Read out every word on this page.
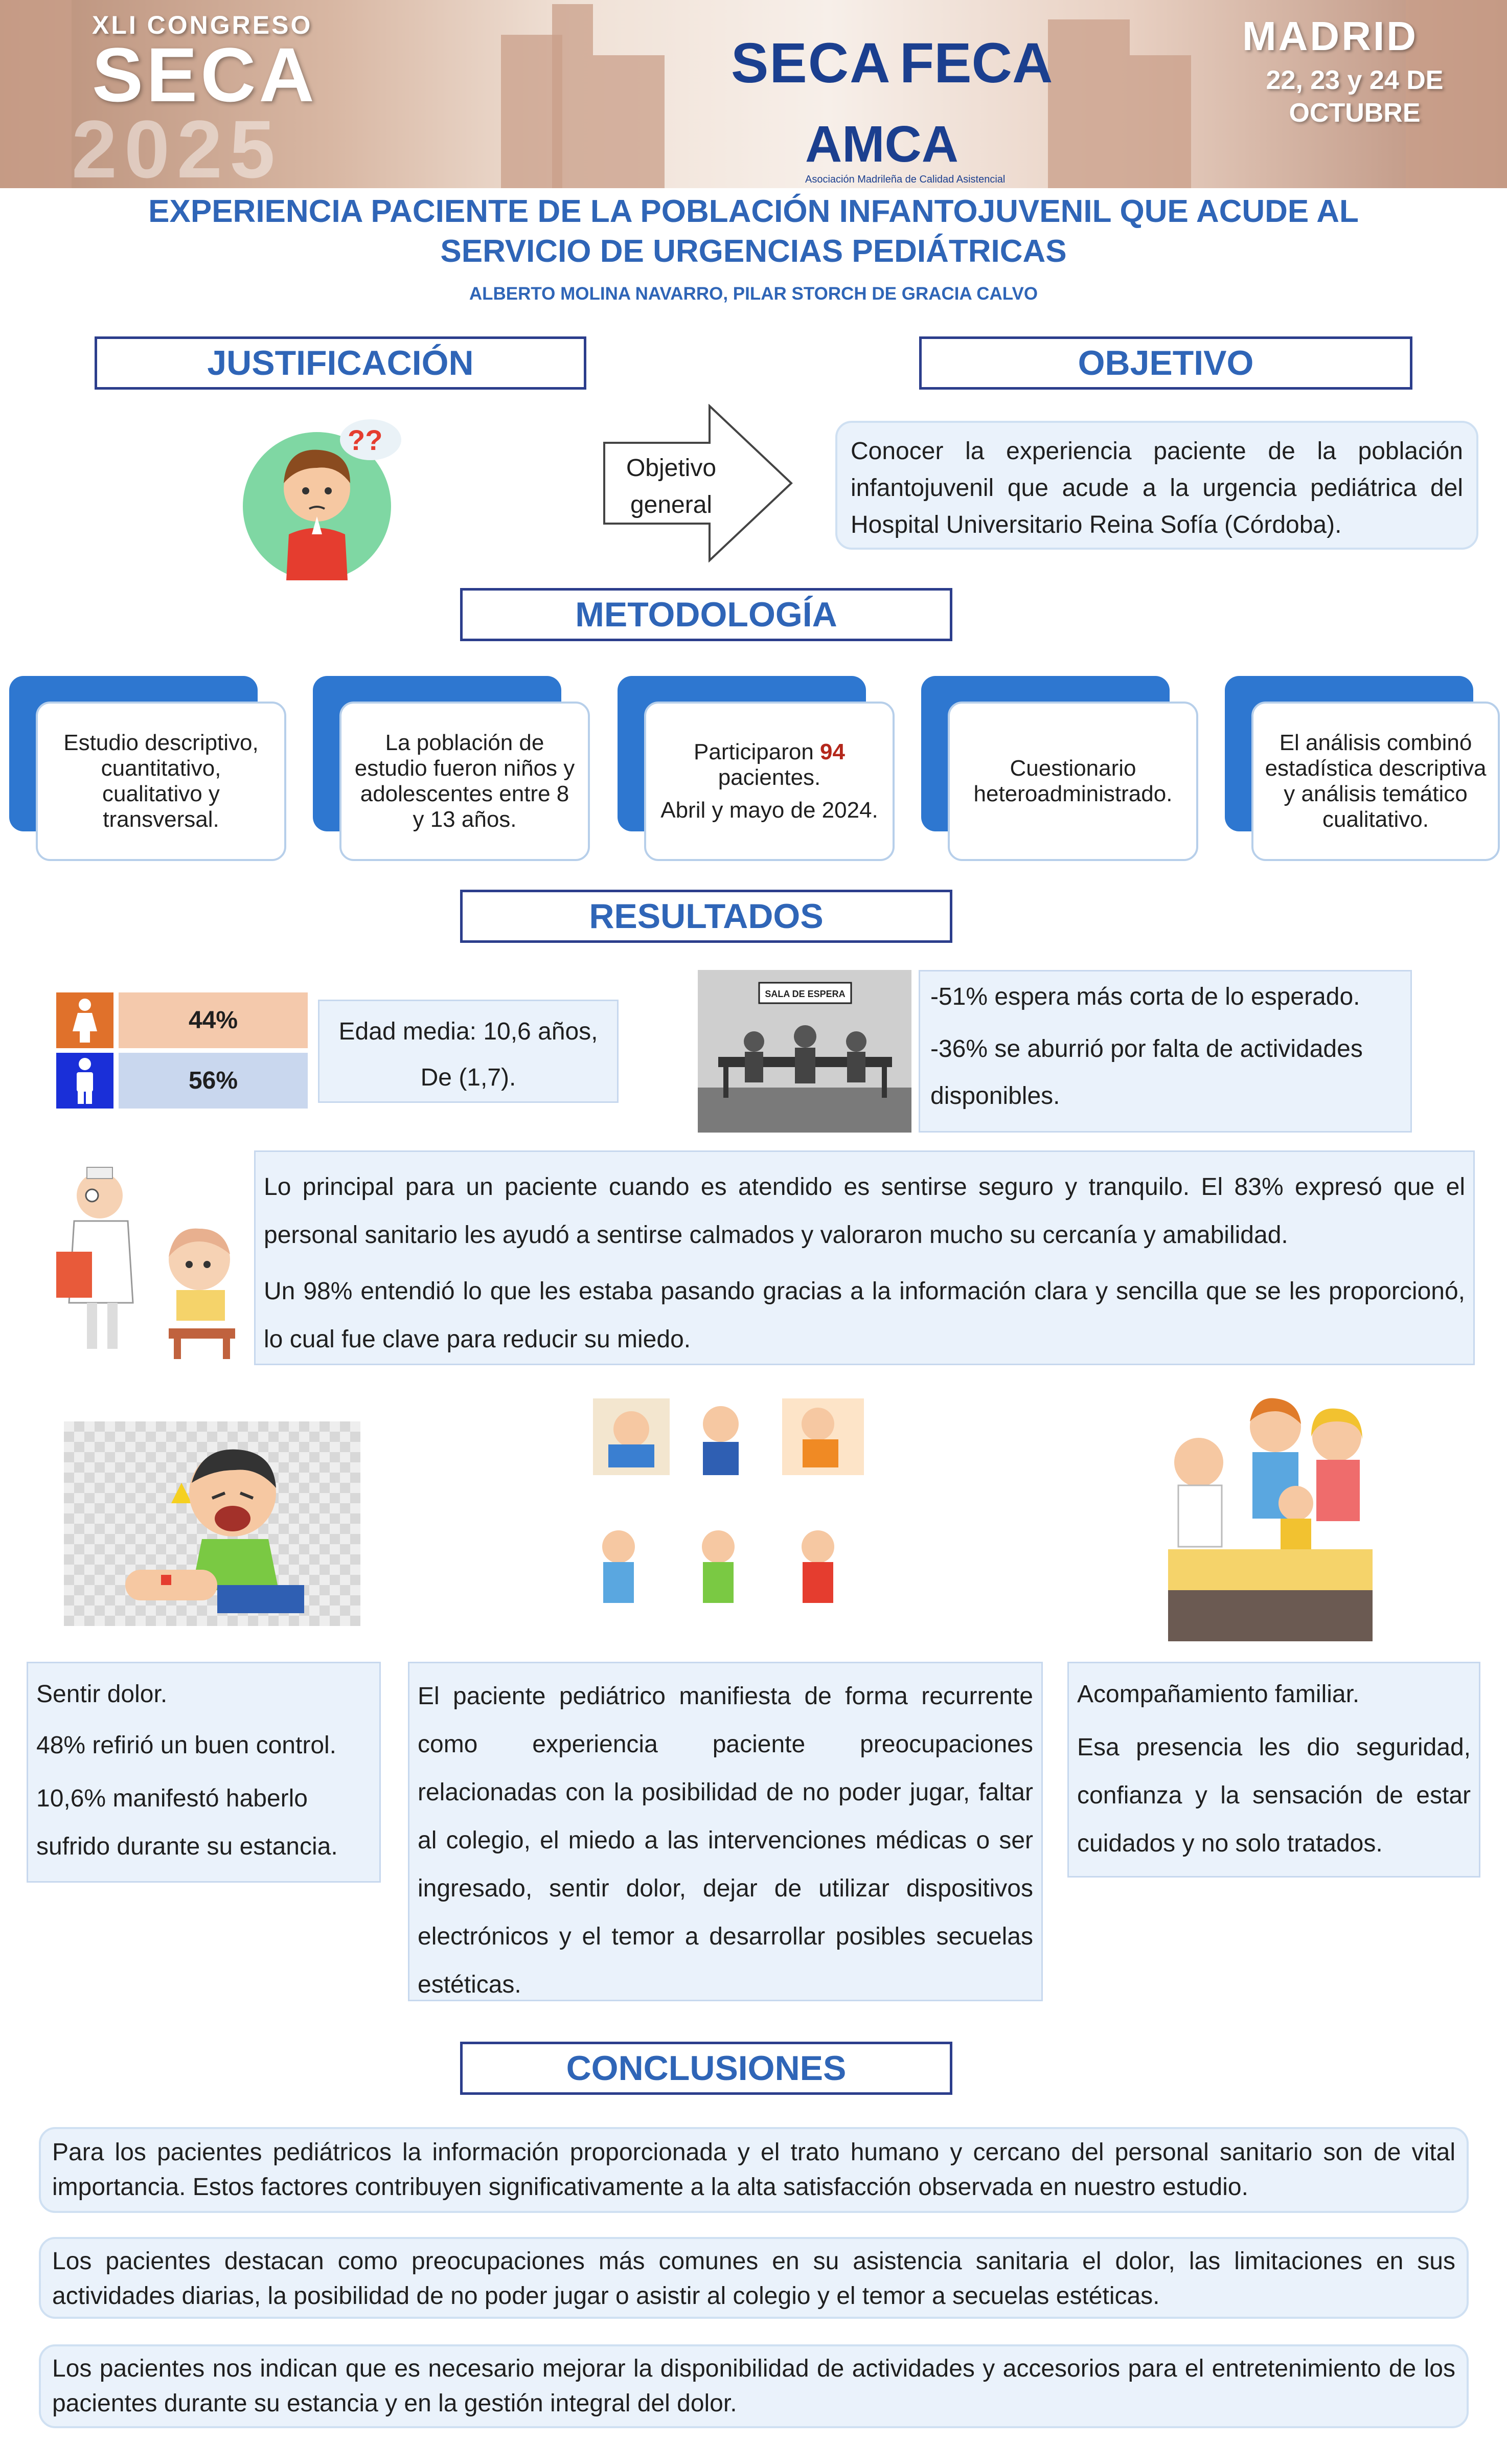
XLI CONGRESO
SECA
2025
SECA FECA
AMCA
Asociación Madrileña de Calidad Asistencial
MADRID
22, 23 y 24 DE OCTUBRE
EXPERIENCIA PACIENTE DE LA POBLACIÓN INFANTOJUVENIL QUE ACUDE AL SERVICIO DE URGENCIAS PEDIÁTRICAS
ALBERTO MOLINA NAVARRO, PILAR STORCH DE GRACIA CALVO
JUSTIFICACIÓN	OBJETIVO
??
Objetivo general
Conocer la experiencia paciente de la población infantojuvenil que acude a la urgencia pediátrica del Hospital Universitario Reina Sofía (Córdoba).
METODOLOGÍA
Estudio descriptivo, cuantitativo, cualitativo y transversal.
La población de estudio fueron niños y adolescentes entre 8 y 13 años.
Participaron 94 pacientes.
Abril y mayo de 2024.
Cuestionario heteroadministrado.
El análisis combinó estadística descriptiva y análisis temático cualitativo.
RESULTADOS
44%
56%
Edad media: 10,6 años,
De (1,7).
SALA DE ESPERA	-51% espera más corta de lo esperado.
-36% se aburrió por falta de actividades disponibles.
Lo principal para un paciente cuando es atendido es sentirse seguro y tranquilo. El 83% expresó que el personal sanitario les ayudó a sentirse calmados y valoraron mucho su cercanía y amabilidad.
Un 98% entendió lo que les estaba pasando gracias a la información clara y sencilla que se les proporcionó, lo cual fue clave para reducir su miedo.
Sentir dolor.
48% refirió un buen control.
10,6% manifestó haberlo sufrido durante su estancia.
El paciente pediátrico manifiesta de forma recurrente como experiencia paciente preocupaciones relacionadas con la posibilidad de no poder jugar, faltar al colegio, el miedo a las intervenciones médicas o ser ingresado, sentir dolor, dejar de utilizar dispositivos electrónicos y el temor a desarrollar posibles secuelas estéticas.
Acompañamiento familiar.
Esa presencia les dio seguridad, confianza y la sensación de estar cuidados y no solo tratados.
CONCLUSIONES
Para los pacientes pediátricos la información proporcionada y el trato humano y cercano del personal sanitario son de vital importancia. Estos factores contribuyen significativamente a la alta satisfacción observada en nuestro estudio.
Los pacientes destacan como preocupaciones más comunes en su asistencia sanitaria el dolor, las limitaciones en sus actividades diarias, la posibilidad de no poder jugar o asistir al colegio y el temor a secuelas estéticas.
Los pacientes nos indican que es necesario mejorar la disponibilidad de actividades y accesorios para el entretenimiento de los pacientes durante su estancia y en la gestión integral del dolor.
